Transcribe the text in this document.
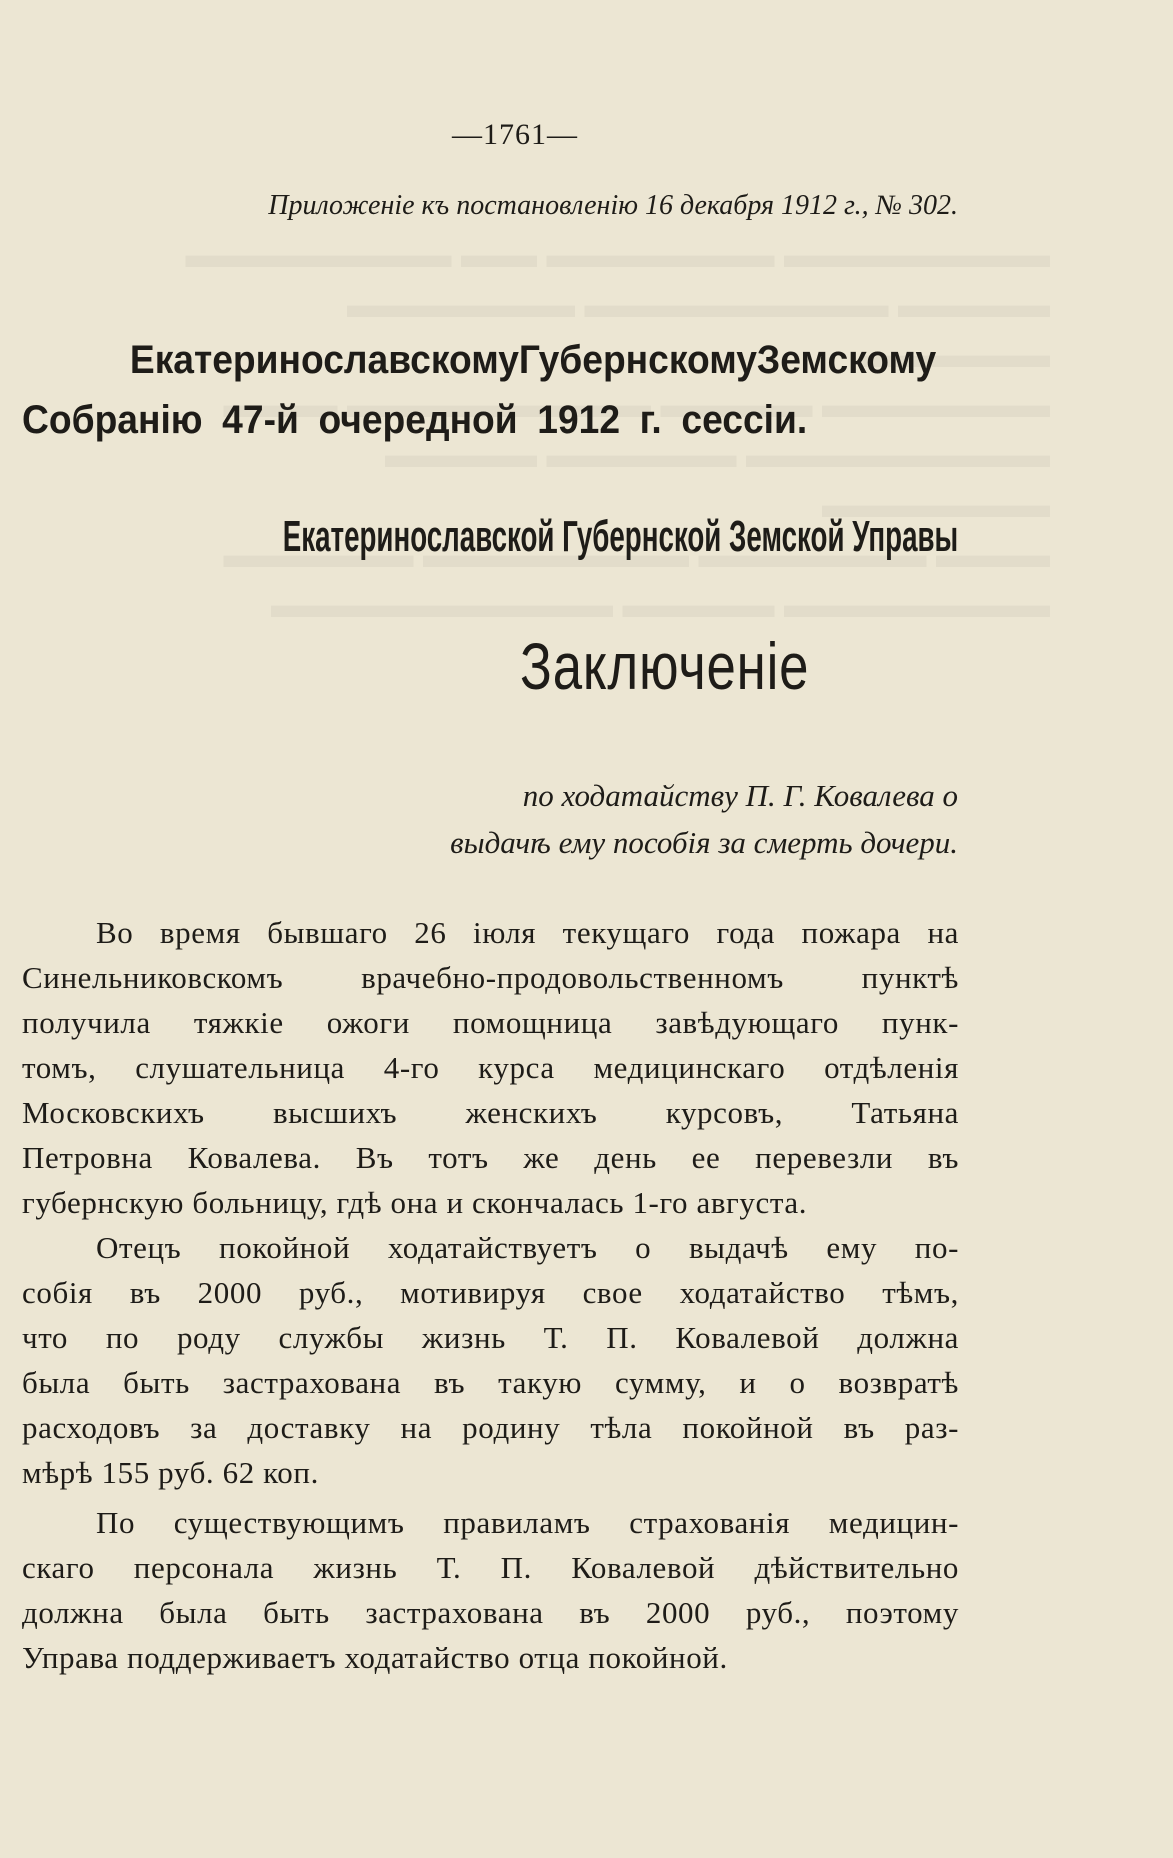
—1761—
Приложеніе къ постановленію 16 декабря 1912 г., № 302.
Екатеринославскому Губернскому Земскому
Собранію 47-й очередной 1912 г. сессіи.
Екатеринославской Губернской Земской Управы
Заключеніе
по ходатайству П. Г. Ковалева о
выдачѣ ему пособія за смерть дочери.
Во время бывшаго 26 іюля текущаго года пожара на
Синельниковскомъ врачебно-продовольственномъ пунктѣ
получила тяжкіе ожоги помощница завѣдующаго пунк-
томъ, слушательница 4-го курса медицинскаго отдѣленія
Московскихъ высшихъ женскихъ курсовъ, Татьяна
Петровна Ковалева. Въ тотъ же день ее перевезли въ
губернскую больницу, гдѣ она и скончалась 1-го августа.
Отецъ покойной ходатайствуетъ о выдачѣ ему по-
собія въ 2000 руб., мотивируя свое ходатайство тѣмъ,
что по роду службы жизнь Т. П. Ковалевой должна
была быть застрахована въ такую сумму, и о возвратѣ
расходовъ за доставку на родину тѣла покойной въ раз-
мѣрѣ 155 руб. 62 коп.
По существующимъ правиламъ страхованія медицин-
скаго персонала жизнь Т. П. Ковалевой дѣйствительно
должна была быть застрахована въ 2000 руб., поэтому
Управа поддерживаетъ ходатайство отца покойной.
